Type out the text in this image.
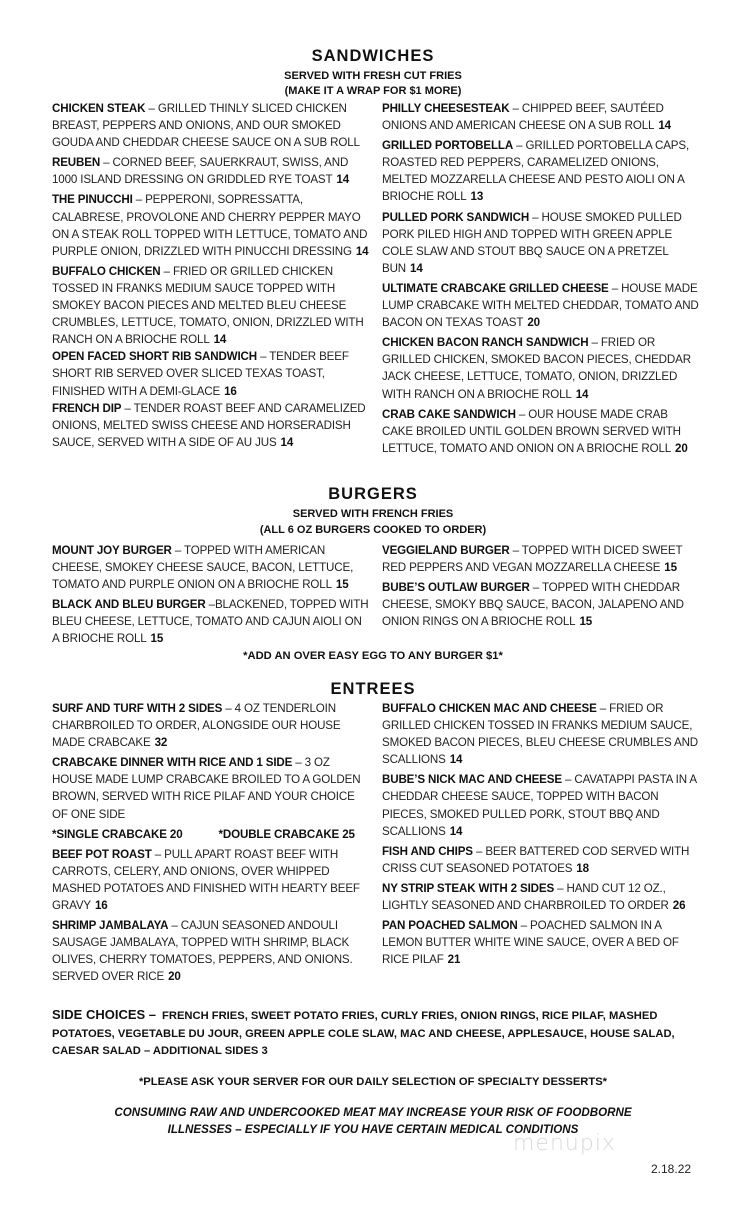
SANDWICHES
SERVED WITH FRESH CUT FRIES
(MAKE IT A WRAP FOR $1 MORE)
CHICKEN STEAK – GRILLED THINLY SLICED CHICKEN BREAST, PEPPERS AND ONIONS, AND OUR SMOKED GOUDA AND CHEDDAR CHEESE SAUCE ON A SUB ROLL
REUBEN – CORNED BEEF, SAUERKRAUT, SWISS, AND 1000 ISLAND DRESSING ON GRIDDLED RYE TOAST 14
THE PINUCCHI – PEPPERONI, SOPRESSATTA, CALABRESE, PROVOLONE AND CHERRY PEPPER MAYO ON A STEAK ROLL TOPPED WITH LETTUCE, TOMATO AND PURPLE ONION, DRIZZLED WITH PINUCCHI DRESSING 14
BUFFALO CHICKEN – FRIED OR GRILLED CHICKEN TOSSED IN FRANKS MEDIUM SAUCE TOPPED WITH SMOKEY BACON PIECES AND MELTED BLEU CHEESE CRUMBLES, LETTUCE, TOMATO, ONION, DRIZZLED WITH RANCH ON A BRIOCHE ROLL 14
OPEN FACED SHORT RIB SANDWICH – TENDER BEEF SHORT RIB SERVED OVER SLICED TEXAS TOAST, FINISHED WITH A DEMI-GLACE 16
FRENCH DIP – TENDER ROAST BEEF AND CARAMELIZED ONIONS, MELTED SWISS CHEESE AND HORSERADISH SAUCE, SERVED WITH A SIDE OF AU JUS 14
PHILLY CHEESESTEAK – CHIPPED BEEF, SAUTÉED ONIONS AND AMERICAN CHEESE ON A SUB ROLL 14
GRILLED PORTOBELLA – GRILLED PORTOBELLA CAPS, ROASTED RED PEPPERS, CARAMELIZED ONIONS, MELTED MOZZARELLA CHEESE AND PESTO AIOLI ON A BRIOCHE ROLL 13
PULLED PORK SANDWICH – HOUSE SMOKED PULLED PORK PILED HIGH AND TOPPED WITH GREEN APPLE COLE SLAW AND STOUT BBQ SAUCE ON A PRETZEL BUN 14
ULTIMATE CRABCAKE GRILLED CHEESE – HOUSE MADE LUMP CRABCAKE WITH MELTED CHEDDAR, TOMATO AND BACON ON TEXAS TOAST 20
CHICKEN BACON RANCH SANDWICH – FRIED OR GRILLED CHICKEN, SMOKED BACON PIECES, CHEDDAR JACK CHEESE, LETTUCE, TOMATO, ONION, DRIZZLED WITH RANCH ON A BRIOCHE ROLL 14
CRAB CAKE SANDWICH – OUR HOUSE MADE CRAB CAKE BROILED UNTIL GOLDEN BROWN SERVED WITH LETTUCE, TOMATO AND ONION ON A BRIOCHE ROLL 20
BURGERS
SERVED WITH FRENCH FRIES
(ALL 6 OZ BURGERS COOKED TO ORDER)
MOUNT JOY BURGER – TOPPED WITH AMERICAN CHEESE, SMOKEY CHEESE SAUCE, BACON, LETTUCE, TOMATO AND PURPLE ONION ON A BRIOCHE ROLL 15
BLACK AND BLEU BURGER –BLACKENED, TOPPED WITH BLEU CHEESE, LETTUCE, TOMATO AND CAJUN AIOLI ON A BRIOCHE ROLL 15
VEGGIELAND BURGER – TOPPED WITH DICED SWEET RED PEPPERS AND VEGAN MOZZARELLA CHEESE 15
BUBE’S OUTLAW BURGER – TOPPED WITH CHEDDAR CHEESE, SMOKY BBQ SAUCE, BACON, JALAPENO AND ONION RINGS ON A BRIOCHE ROLL 15
*ADD AN OVER EASY EGG TO ANY BURGER $1*
ENTREES
SURF AND TURF WITH 2 SIDES – 4 OZ TENDERLOIN CHARBROILED TO ORDER, ALONGSIDE OUR HOUSE MADE CRABCAKE 32
CRABCAKE DINNER WITH RICE AND 1 SIDE – 3 OZ HOUSE MADE LUMP CRABCAKE BROILED TO A GOLDEN BROWN, SERVED WITH RICE PILAF AND YOUR CHOICE OF ONE SIDE
*SINGLE CRABCAKE 20	*DOUBLE CRABCAKE 25
BEEF POT ROAST – PULL APART ROAST BEEF WITH CARROTS, CELERY, AND ONIONS, OVER WHIPPED MASHED POTATOES AND FINISHED WITH HEARTY BEEF GRAVY 16
SHRIMP JAMBALAYA – CAJUN SEASONED ANDOULI SAUSAGE JAMBALAYA, TOPPED WITH SHRIMP, BLACK OLIVES, CHERRY TOMATOES, PEPPERS, AND ONIONS. SERVED OVER RICE 20
BUFFALO CHICKEN MAC AND CHEESE – FRIED OR GRILLED CHICKEN TOSSED IN FRANKS MEDIUM SAUCE, SMOKED BACON PIECES, BLEU CHEESE CRUMBLES AND SCALLIONS 14
BUBE’S NICK MAC AND CHEESE – CAVATAPPI PASTA IN A CHEDDAR CHEESE SAUCE, TOPPED WITH BACON PIECES, SMOKED PULLED PORK, STOUT BBQ AND SCALLIONS 14
FISH AND CHIPS – BEER BATTERED COD SERVED WITH CRISS CUT SEASONED POTATOES 18
NY STRIP STEAK WITH 2 SIDES – HAND CUT 12 OZ., LIGHTLY SEASONED AND CHARBROILED TO ORDER 26
PAN POACHED SALMON – POACHED SALMON IN A LEMON BUTTER WHITE WINE SAUCE, OVER A BED OF RICE PILAF 21
SIDE CHOICES – FRENCH FRIES, SWEET POTATO FRIES, CURLY FRIES, ONION RINGS, RICE PILAF, MASHED POTATOES, VEGETABLE DU JOUR, GREEN APPLE COLE SLAW, MAC AND CHEESE, APPLESAUCE, HOUSE SALAD, CAESAR SALAD – ADDITIONAL SIDES 3
*PLEASE ASK YOUR SERVER FOR OUR DAILY SELECTION OF SPECIALTY DESSERTS*
CONSUMING RAW AND UNDERCOOKED MEAT MAY INCREASE YOUR RISK OF FOODBORNE
ILLNESSES – ESPECIALLY IF YOU HAVE CERTAIN MEDICAL CONDITIONS
menupix
2.18.22
